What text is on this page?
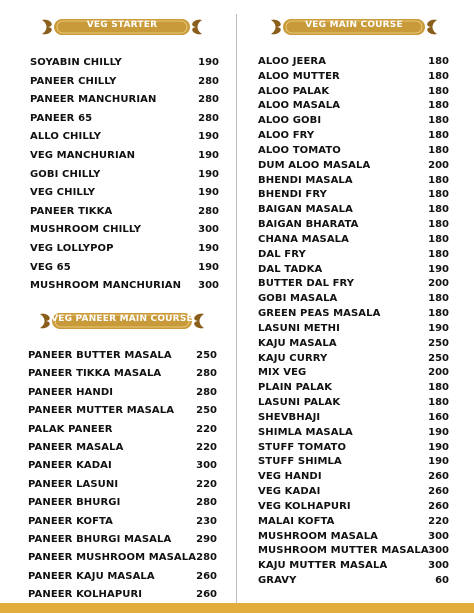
VEG STARTER
SOYABIN CHILLY	190
PANEER CHILLY	280
PANEER MANCHURIAN	280
PANEER 65	280
ALLO CHILLY	190
VEG MANCHURIAN	190
GOBI CHILLY	190
VEG CHILLY	190
PANEER TIKKA	280
MUSHROOM CHILLY	300
VEG LOLLYPOP	190
VEG 65	190
MUSHROOM MANCHURIAN 300
VEG PANEER MAIN COURSE
PANEER BUTTER MASALA 250
PANEER TIKKA MASALA	280
PANEER HANDI	280
PANEER MUTTER MASALA 250
PALAK PANEER	220
PANEER MASALA	220
PANEER KADAI	300
PANEER LASUNI	220
PANEER BHURGI	280
PANEER KOFTA	230
PANEER BHURGI MASALA 290
PANEER MUSHROOM MASALA 280
PANEER KAJU MASALA	260
PANEER KOLHAPURI	260
VEG MAIN COURSE
ALOO JEERA	180
ALOO MUTTER	180
ALOO PALAK	180
ALOO MASALA	180
ALOO GOBI	180
ALOO FRY	180
ALOO TOMATO	180
DUM ALOO MASALA	200
BHENDI MASALA	180
BHENDI FRY	180
BAIGAN MASALA	180
BAIGAN BHARATA	180
CHANA MASALA	180
DAL FRY	180
DAL TADKA	190
BUTTER DAL FRY	200
GOBI MASALA	180
GREEN PEAS MASALA	180
LASUNI METHI	190
KAJU MASALA	250
KAJU CURRY	250
MIX VEG	200
PLAIN PALAK	180
LASUNI PALAK	180
SHEVBHAJI	160
SHIMLA MASALA	190
STUFF TOMATO	190
STUFF SHIMLA	190
VEG HANDI	260
VEG KADAI	260
VEG KOLHAPURI	260
MALAI KOFTA	220
MUSHROOM MASALA	300
MUSHROOM MUTTER MASALA 300
KAJU MUTTER MASALA	300
GRAVY	60
